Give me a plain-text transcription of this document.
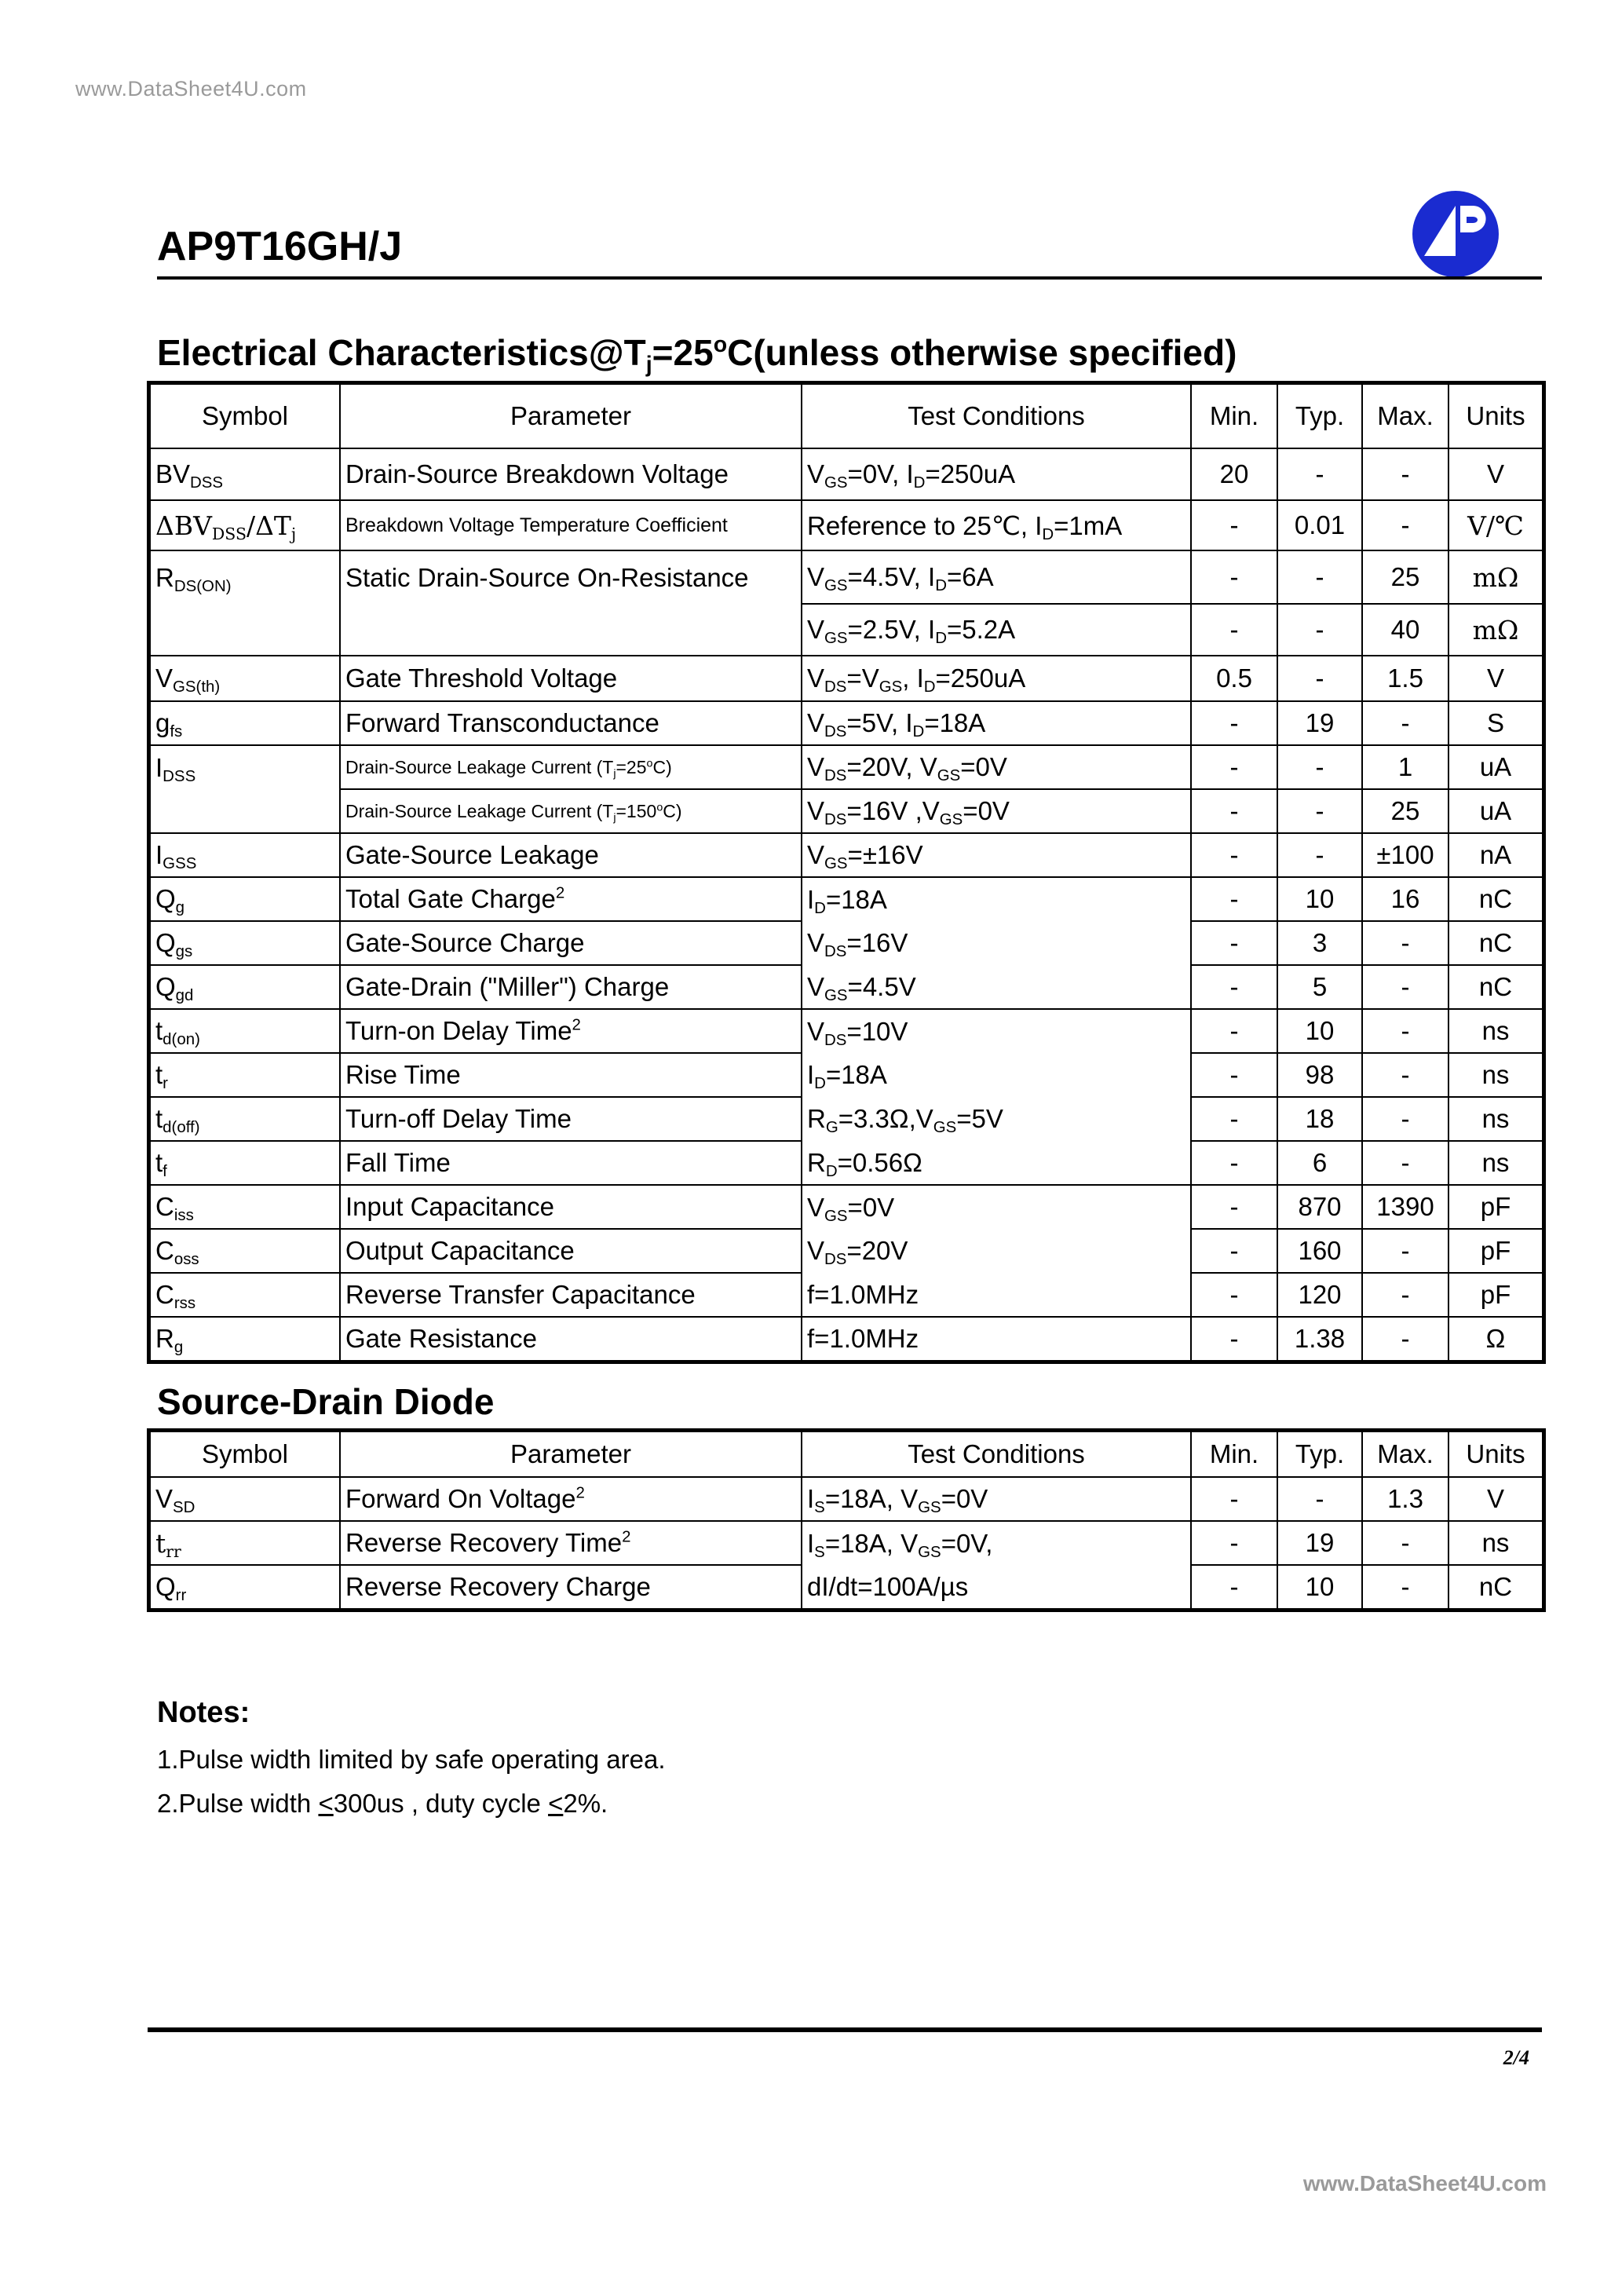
www.DataSheet4U.com
AP9T16GH/J
Electrical $Characteristics@T_j=25^oC(unless$ otherwise specified)
Symbol	Parameter	Test Conditions	Min.	Typ.	Max.	Units
$BV_{DSS}$	Drain-Source Breakdown Voltage	$V_{GS}=0V$, $I_D=250uA$	20	-	-	V
$\Delta BV_{DSS}/\Delta T_j$	Breakdown Voltage Temperature Coefficient	Reference to 25℃, $I_D=1mA$	-	0.01	-	V/℃
$R_{DS(ON)}$	Static Drain-Source On-Resistance	$V_{GS}=4.5V$, $I_D=6A$	-	-	25	mΩ
		$V_{GS}=2.5V$, $I_D=5.2A$	-	-	40	mΩ
$V_{GS(th)}$	Gate Threshold Voltage	$V_{DS}=V_{GS}$, $I_D=250uA$	0.5	-	1.5	V
$g_{fs}$	Forward Transconductance	$V_{DS}=5V$, $I_D=18A$	-	19	-	S
$I_{DSS}$	Drain-Source Leakage Current $(T_j=25^oC)$	$V_{DS}=20V$, $V_{GS}=0V$	-	-	1	uA
	Drain-Source Leakage Current $(T_j=150^oC)$	$V_{DS}=16V$ $,V_{GS}=0V$	-	-	25	uA
$I_{GSS}$	Gate-Source Leakage	$V_{GS}=\pm 16V$	-	-	±100	nA
$Q_g$	Total Gate Charge$^2$	$I_D=18A$	-	10	16	nC
$Q_{gs}$	Gate-Source Charge	$V_{DS}=16V$	-	3	-	nC
$Q_{gd}$	Gate-Drain ("Miller") Charge	$V_{GS}=4.5V$	-	5	-	nC
$t_{d(on)}$	Turn-on Delay Time$^2$	$V_{DS}=10V$	-	10	-	ns
$t_r$	Rise Time	$I_D=18A$	-	98	-	ns
$t_{d(off)}$	Turn-off Delay Time	$R_G=3.3\Omega,V_{GS}=5V$	-	18	-	ns
$t_f$	Fall Time	$R_D=0.56\Omega$	-	6	-	ns
$C_{iss}$	Input Capacitance	$V_{GS}=0V$	-	870	1390	pF
$C_{oss}$	Output Capacitance	$V_{DS}=20V$	-	160	-	pF
$C_{rss}$	Reverse Transfer Capacitance	f=1.0MHz	-	120	-	pF
$R_g$	Gate Resistance	f=1.0MHz	-	1.38	-	Ω
Source-Drain Diode
Symbol	Parameter	Test Conditions	Min.	Typ.	Max.	Units
$V_{SD}$	Forward On Voltage$^2$	$I_S=18A$, $V_{GS}=0V$	-	-	1.3	V
$t_{rr}$	Reverse Recovery Time$^2$	$I_S=18A$, $V_{GS}=0V$,	-	19	-	ns
$Q_{rr}$	Reverse Recovery Charge	dI/dt=100A/µs	-	10	-	nC
Notes:
1.Pulse width limited by safe operating area.
2.Pulse width <300us , duty cycle <2%.
2/4
www.DataSheet4U.com
